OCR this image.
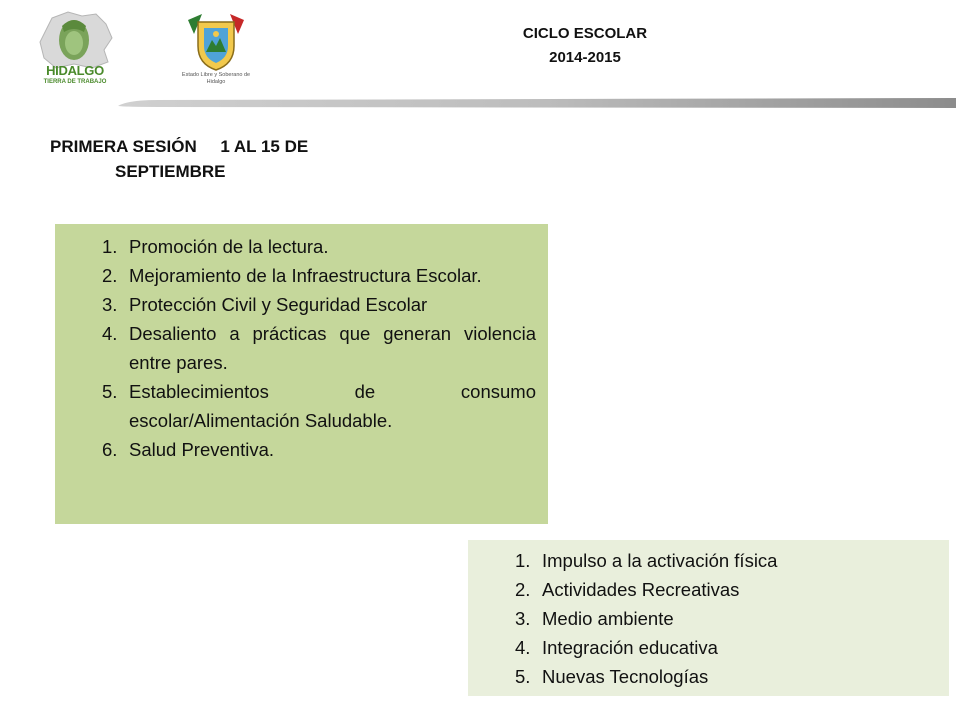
HIDALGO
TIERRA DE TRABAJO
Estado Libre y Soberano de Hidalgo
CICLO ESCOLAR
2014-2015
PRIMERA SESIÓN     1 AL 15 DE
SEPTIEMBRE
1. Promoción de la lectura.
2. Mejoramiento de la Infraestructura Escolar.
3. Protección Civil y Seguridad Escolar
4. Desaliento a prácticas que generan violencia entre pares.
5. Establecimientos de consumo escolar/Alimentación Saludable.
6. Salud Preventiva.
1. Impulso a la activación física
2. Actividades Recreativas
3. Medio ambiente
4. Integración educativa
5. Nuevas Tecnologías
